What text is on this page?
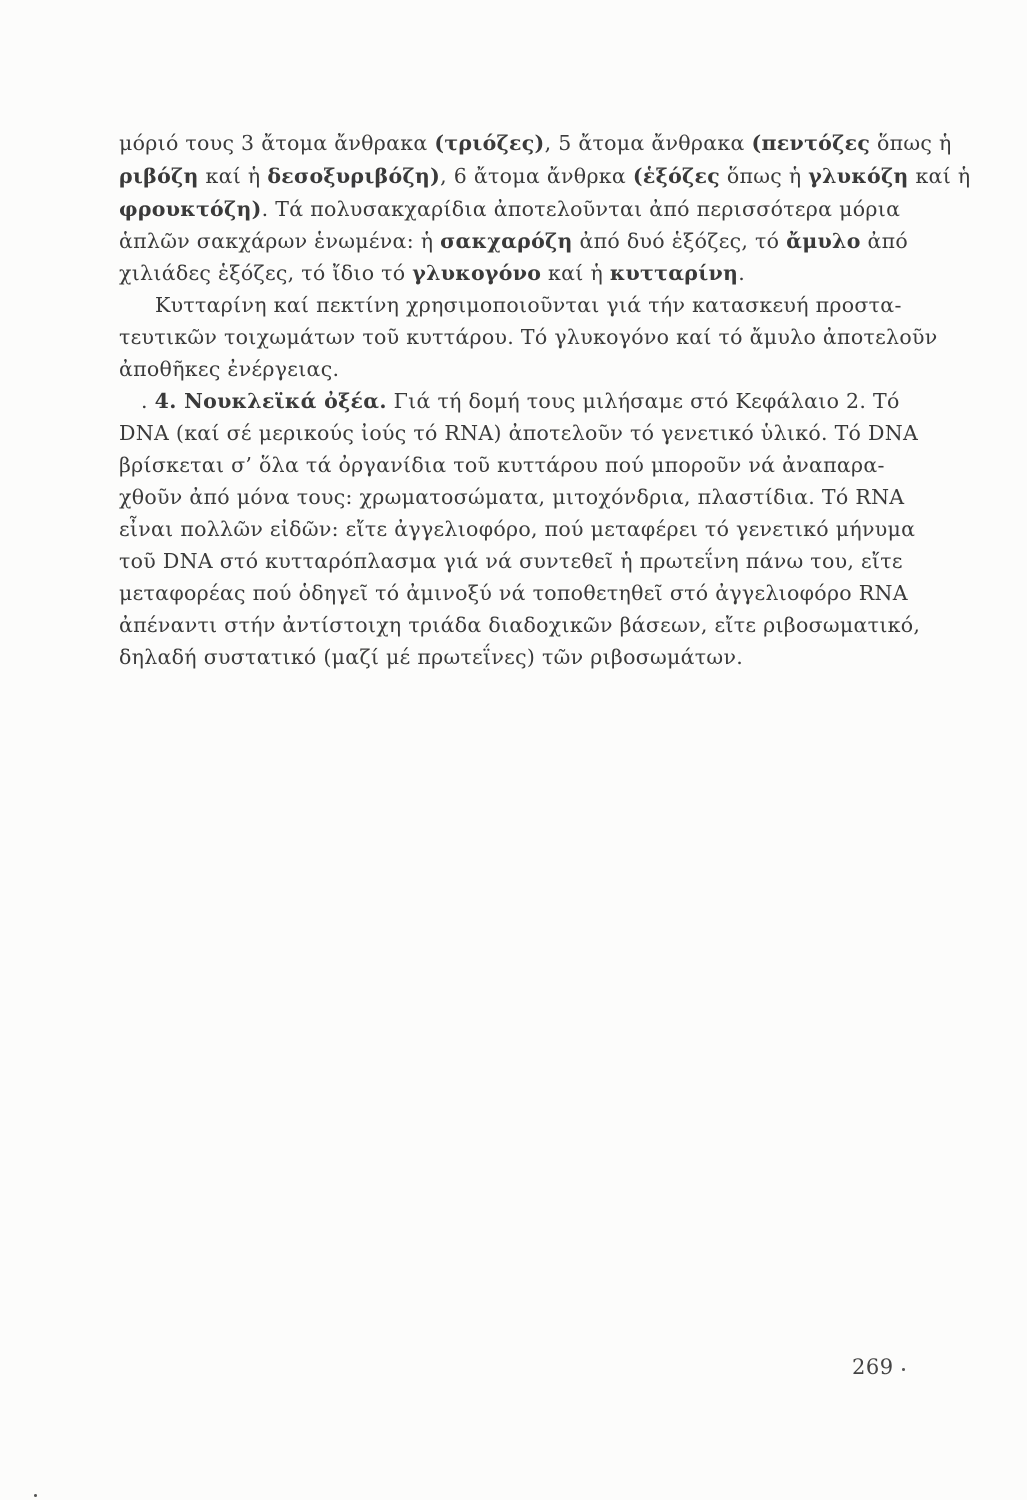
μόριό τους 3 ἄτομα ἄνθρακα (τριόζες), 5 ἄτομα ἄνθρακα (πεντόζες ὅπως ἡ
ριβόζη καί ἡ δεσοξυριβόζη), 6 ἄτομα ἄνθρκα (ἑξόζες ὅπως ἡ γλυκόζη καί ἡ
φρουκτόζη). Τά πολυσακχαρίδια ἀποτελοῦνται ἀπό περισσότερα μόρια
ἁπλῶν σακχάρων ἑνωμένα: ἡ σακχαρόζη ἀπό δυό ἑξόζες, τό ἄμυλο ἀπό
χιλιάδες ἑξόζες, τό ἴδιο τό γλυκογόνο καί ἡ κυτταρίνη.
Κυτταρίνη καί πεκτίνη χρησιμοποιοῦνται γιά τήν κατασκευή προστα-
τευτικῶν τοιχωμάτων τοῦ κυττάρου. Τό γλυκογόνο καί τό ἄμυλο ἀποτελοῦν
ἀποθῆκες ἐνέργειας.
. 4. Νουκλεϊκά ὀξέα. Γιά τή δομή τους μιλήσαμε στό Κεφάλαιο 2. Τό
DNA (καί σέ μερικούς ἰούς τό RNA) ἀποτελοῦν τό γενετικό ὑλικό. Τό DNA
βρίσκεται σ’ ὅλα τά ὀργανίδια τοῦ κυττάρου πού μποροῦν νά ἀναπαρα-
χθοῦν ἀπό μόνα τους: χρωματοσώματα, μιτοχόνδρια, πλαστίδια. Τό RNA
εἶναι πολλῶν εἰδῶν: εἴτε ἀγγελιοφόρο, πού μεταφέρει τό γενετικό μήνυμα
τοῦ DNA στό κυτταρόπλασμα γιά νά συντεθεῖ ἡ πρωτεΐνη πάνω του, εἴτε
μεταφορέας πού ὁδηγεῖ τό ἀμινοξύ νά τοποθετηθεῖ στό ἀγγελιοφόρο RNA
ἀπέναντι στήν ἀντίστοιχη τριάδα διαδοχικῶν βάσεων, εἴτε ριβοσωματικό,
δηλαδή συστατικό (μαζί μέ πρωτεΐνες) τῶν ριβοσωμάτων.
269
